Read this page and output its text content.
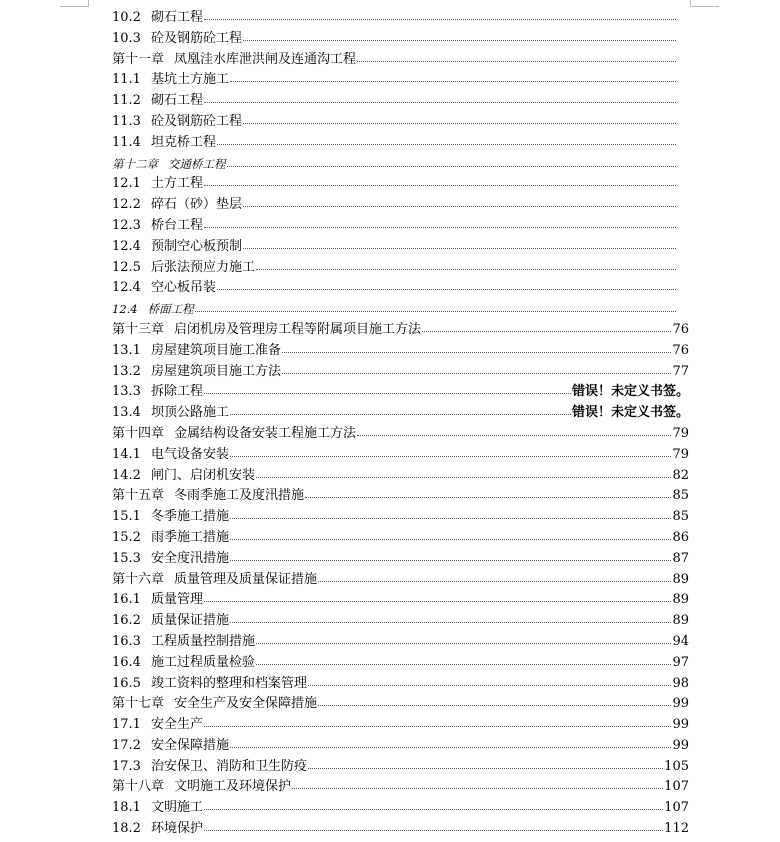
10.2 砌石工程
10.3 砼及钢筋砼工程
第十一章 凤凰洼水库泄洪闸及连通沟工程
11.1 基坑土方施工
11.2 砌石工程
11.3 砼及钢筋砼工程
11.4 坦克桥工程
第十二章 交通桥工程
12.1 土方工程
12.2 碎石（砂）垫层
12.3 桥台工程
12.4 预制空心板预制
12.5 后张法预应力施工
12.4 空心板吊装
12.4 桥面工程
第十三章 启闭机房及管理房工程等附属项目施工方法	76
13.1 房屋建筑项目施工准备	76
13.2 房屋建筑项目施工方法	77
13.3 拆除工程	错误！未定义书签。
13.4 坝顶公路施工	错误！未定义书签。
第十四章 金属结构设备安装工程施工方法	79
14.1 电气设备安装	79
14.2 闸门、启闭机安装	82
第十五章 冬雨季施工及度汛措施	85
15.1 冬季施工措施	85
15.2 雨季施工措施	86
15.3 安全度汛措施	87
第十六章 质量管理及质量保证措施	89
16.1 质量管理	89
16.2 质量保证措施	89
16.3 工程质量控制措施	94
16.4 施工过程质量检验	97
16.5 竣工资料的整理和档案管理	98
第十七章 安全生产及安全保障措施	99
17.1 安全生产	99
17.2 安全保障措施	99
17.3 治安保卫、消防和卫生防疫	105
第十八章 文明施工及环境保护	107
18.1 文明施工	107
18.2 环境保护	112
